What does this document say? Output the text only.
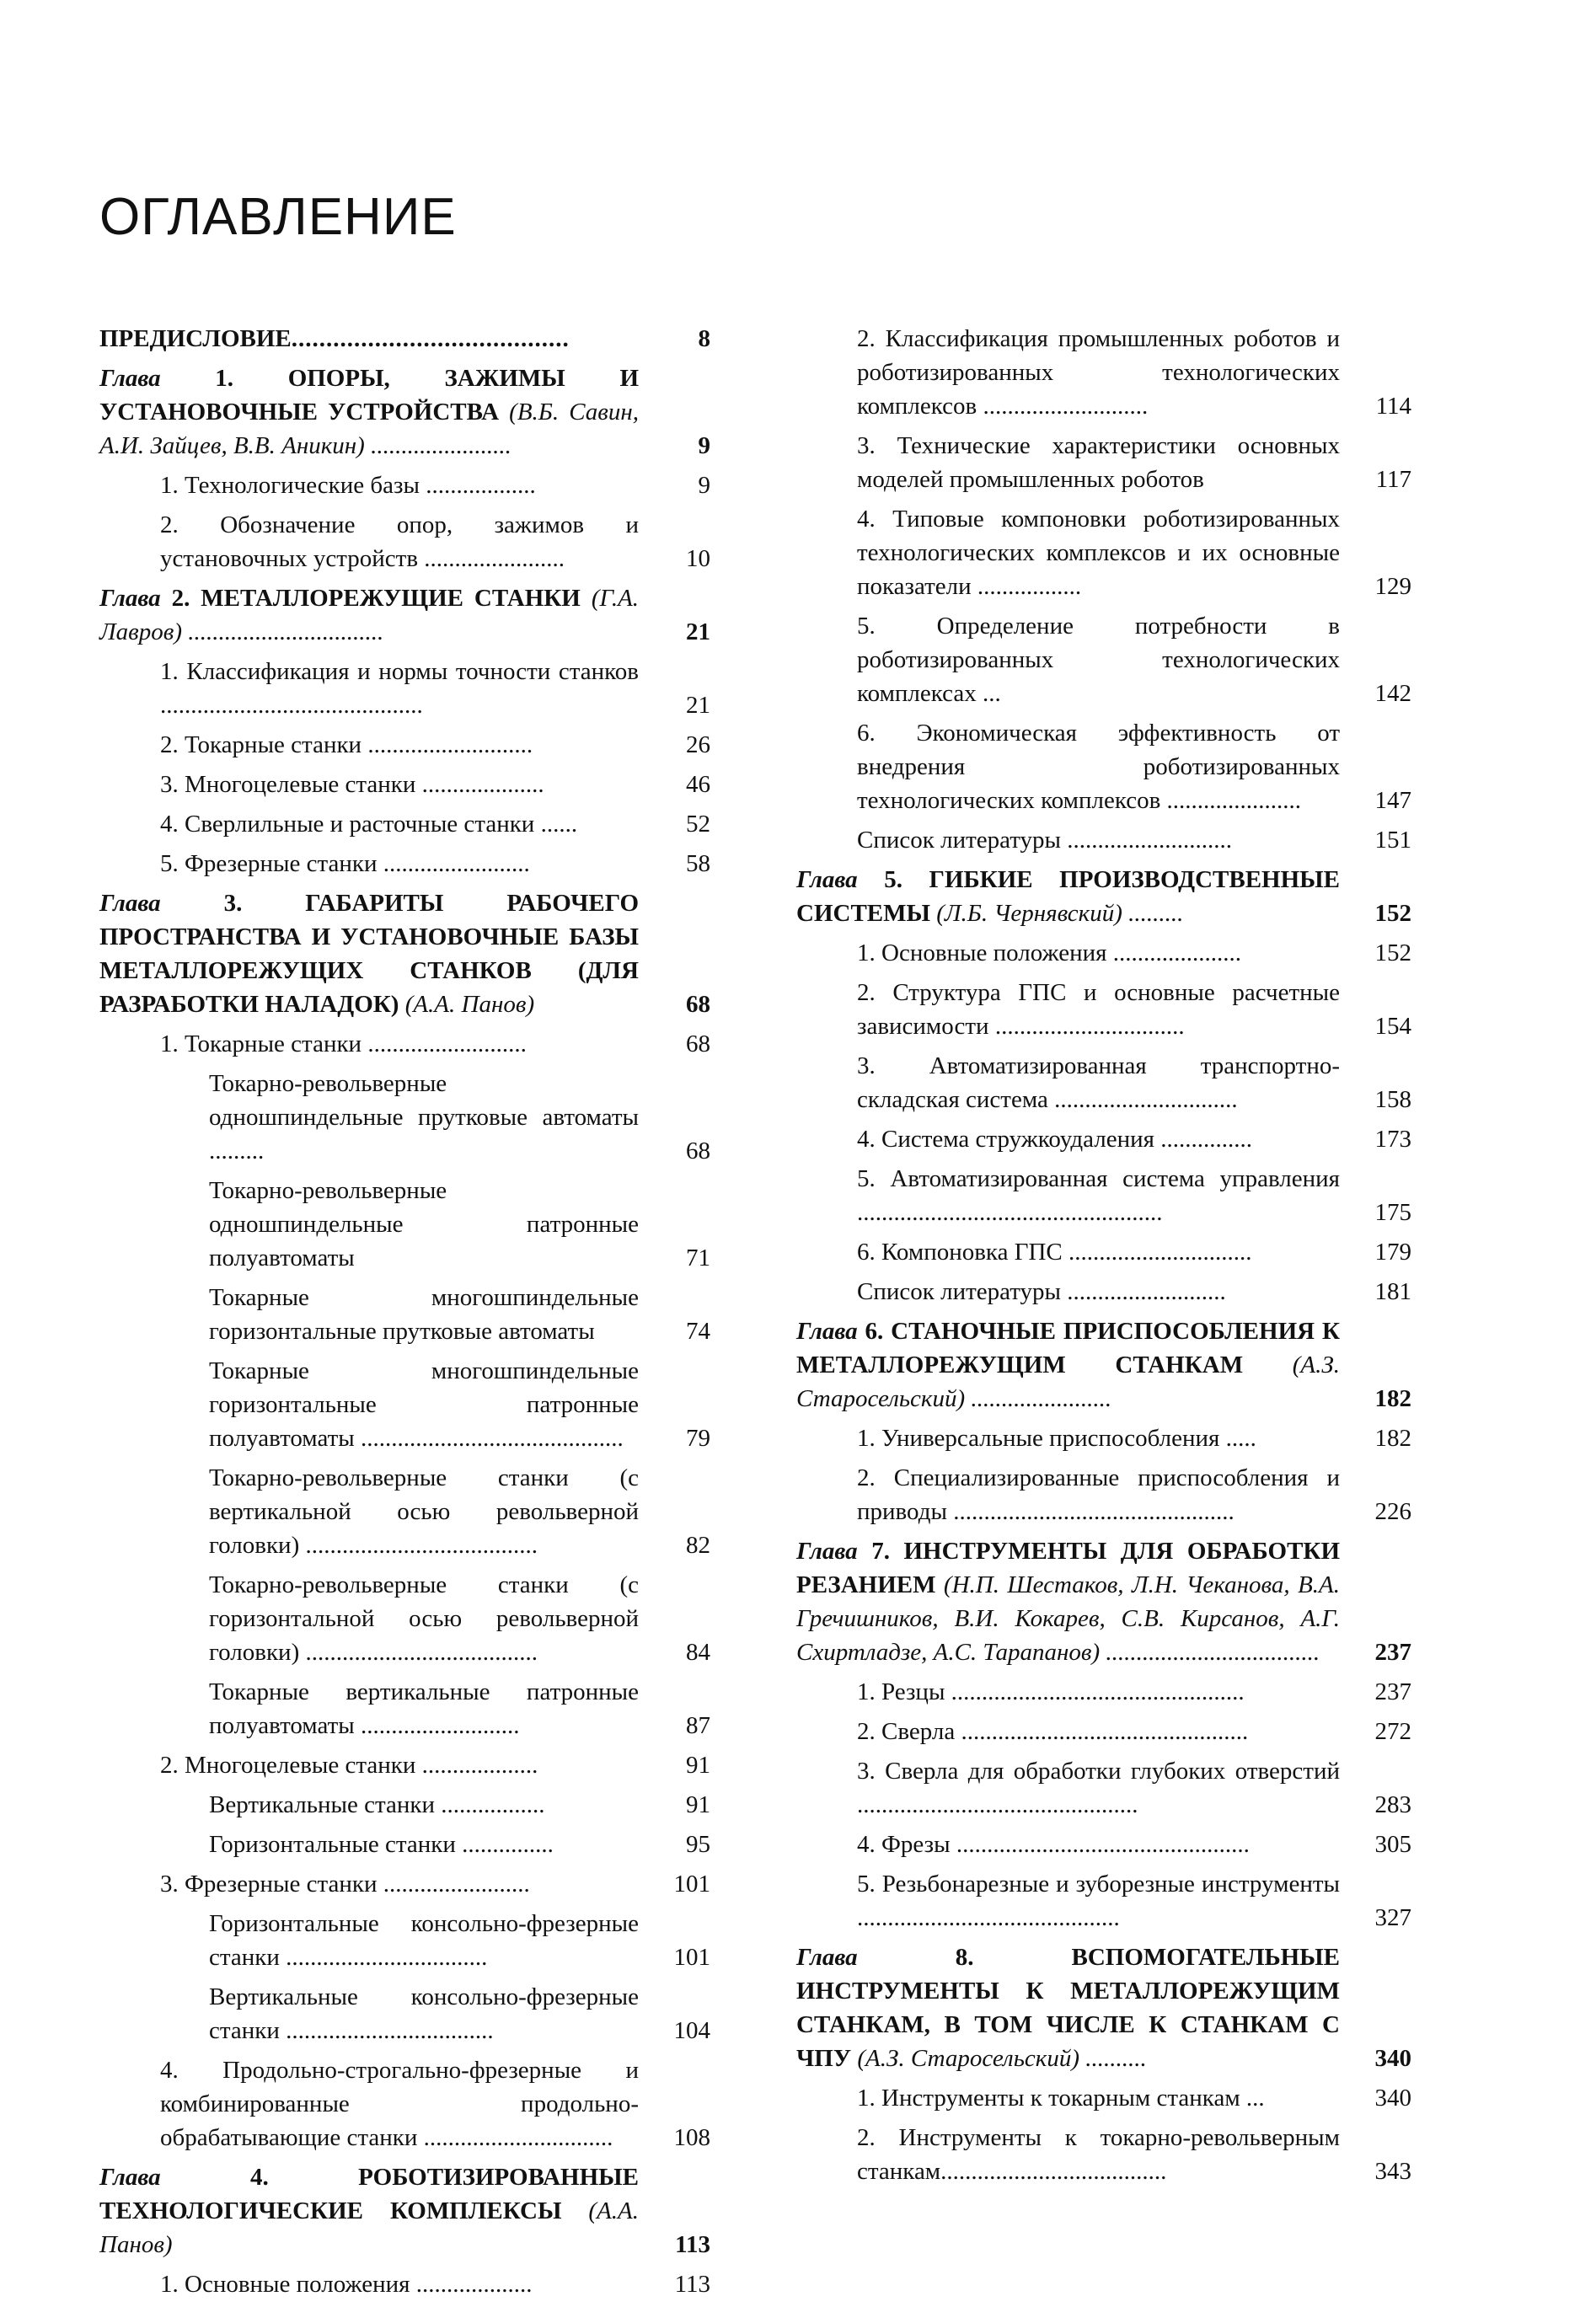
ОГЛАВЛЕНИЕ
ПРЕДИСЛОВИЕ........................................	8
Глава 1. ОПОРЫ, ЗАЖИМЫ И УСТАНОВОЧНЫЕ УСТРОЙСТВА (В.Б. Савин, А.И. Зайцев, В.В. Аникин) .......................	9
1. Технологические базы ..................	9
2. Обозначение опор, зажимов и установочных устройств .......................	10
Глава 2. МЕТАЛЛОРЕЖУЩИЕ СТАНКИ (Г.А. Лавров) ................................	21
1. Классификация и нормы точности станков ...........................................	21
2. Токарные станки ...........................	26
3. Многоцелевые станки ....................	46
4. Сверлильные и расточные станки ......	52
5. Фрезерные станки ........................	58
Глава	3. ГАБАРИТЫ РАБОЧЕГО ПРОСТРАНСТВА И УСТАНОВОЧНЫЕ БАЗЫ МЕТАЛЛОРЕЖУЩИХ СТАНКОВ (ДЛЯ РАЗРАБОТКИ НАЛАДОК) (А.А. Панов)	68
1. Токарные станки ..........................	68
Токарно-револьверные одношпиндельные прутковые автоматы .........	68
Токарно-револьверные одношпиндельные патронные полуавтоматы	71
Токарные многошпиндельные горизонтальные прутковые автоматы	74
Токарные многошпиндельные горизонтальные патронные полуавтоматы ...........................................	79
Токарно-револьверные станки (с вертикальной осью револьверной головки) ......................................	82
Токарно-револьверные станки (с горизонтальной осью револьверной головки) ......................................	84
Токарные вертикальные патронные полуавтоматы ..........................	87
2. Многоцелевые станки ...................	91
Вертикальные станки .................	91
Горизонтальные станки ...............	95
3. Фрезерные станки ........................	101
Горизонтальные консольно-фрезерные станки .................................	101
Вертикальные консольно-фрезерные станки ..................................	104
4. Продольно-строгально-фрезерные и комбинированные продольно-обрабатывающие станки ...............................	108
Глава	4. РОБОТИЗИРОВАННЫЕ ТЕХНОЛОГИЧЕСКИЕ КОМПЛЕКСЫ (А.А. Панов)	113
1. Основные положения ...................	113
2. Классификация промышленных роботов и роботизированных технологических комплексов ...........................	114
3. Технические характеристики основных моделей промышленных роботов	117
4. Типовые компоновки роботизированных технологических комплексов и их основные показатели .................	129
5. Определение потребности в роботизированных технологических комплексах ...	142
6. Экономическая эффективность от внедрения роботизированных технологических комплексов ......................	147
Список литературы ...........................	151
Глава 5. ГИБКИЕ ПРОИЗВОДСТВЕННЫЕ СИСТЕМЫ (Л.Б. Чернявский) .........	152
1. Основные положения .....................	152
2. Структура ГПС и основные расчетные зависимости ...............................	154
3. Автоматизированная транспортно-складская система ..............................	158
4. Система стружкоудаления ...............	173
5. Автоматизированная система управления ..................................................	175
6. Компоновка ГПС ..............................	179
Список литературы ..........................	181
Глава 6. СТАНОЧНЫЕ ПРИСПОСОБЛЕНИЯ К МЕТАЛЛОРЕЖУЩИМ СТАНКАМ (А.З. Старосельский) .......................	182
1. Универсальные приспособления .....	182
2. Специализированные приспособления и приводы ..............................................	226
Глава 7. ИНСТРУМЕНТЫ ДЛЯ ОБРАБОТКИ РЕЗАНИЕМ (Н.П. Шестаков, Л.Н. Чеканова, В.А. Гречишников, В.И. Кокарев, С.В. Кирсанов, А.Г. Схиртладзе, А.С. Тарапанов) ...................................	237
1. Резцы ................................................	237
2. Сверла ...............................................	272
3. Сверла для обработки глубоких отверстий ..............................................	283
4. Фрезы ................................................	305
5. Резьбонарезные и зуборезные инструменты ...........................................	327
Глава	8. ВСПОМОГАТЕЛЬНЫЕ ИНСТРУМЕНТЫ К МЕТАЛЛОРЕЖУЩИМ СТАНКАМ, В ТОМ ЧИСЛЕ К СТАНКАМ С ЧПУ (А.З. Старосельский) ..........	340
1. Инструменты к токарным станкам ...	340
2. Инструменты к токарно-револьверным станкам.....................................	343
